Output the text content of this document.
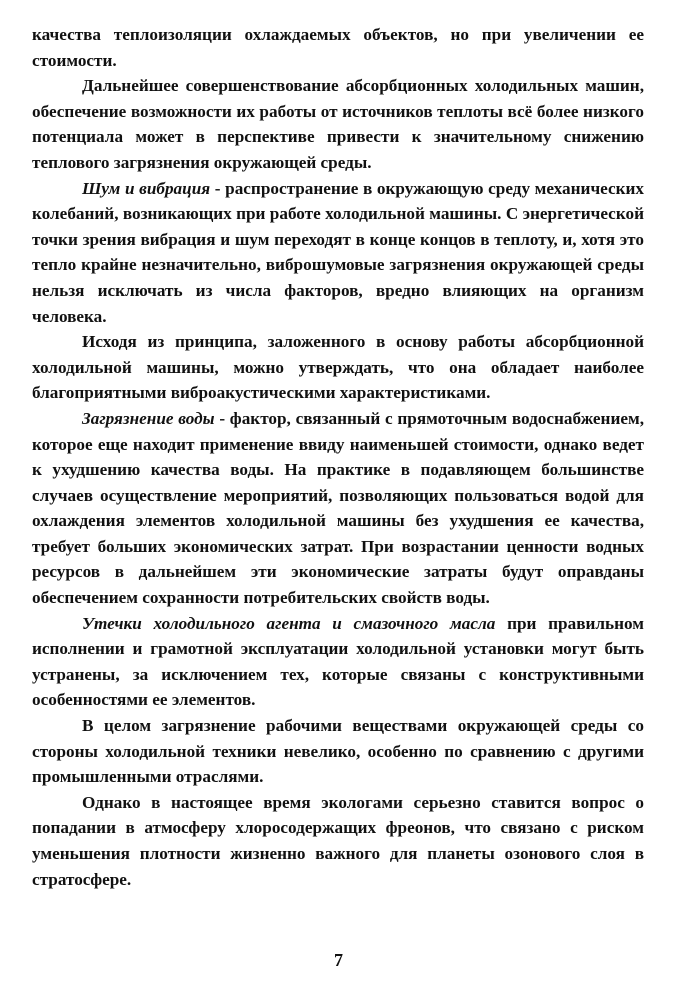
качества теплоизоляции охлаждаемых объектов, но при увеличении ее стоимости.

Дальнейшее совершенствование абсорбционных холодильных машин, обеспечение возможности их работы от источников теплоты всё более низкого потенциала может в перспективе привести к значительному снижению теплового загрязнения окружающей среды.

Шум и вибрация - распространение в окружающую среду механических колебаний, возникающих при работе холодильной машины. С энергетической точки зрения вибрация и шум переходят в конце концов в теплоту, и, хотя это тепло крайне незначительно, виброшумовые загрязнения окружающей среды нельзя исключать из числа факторов, вредно влияющих на организм человека.

Исходя из принципа, заложенного в основу работы абсорбционной холодильной машины, можно утверждать, что она обладает наиболее благоприятными виброакустическими характеристиками.

Загрязнение воды - фактор, связанный с прямоточным водоснабжением, которое еще находит применение ввиду наименьшей стоимости, однако ведет к ухудшению качества воды. На практике в подавляющем большинстве случаев осуществление мероприятий, позволяющих пользоваться водой для охлаждения элементов холодильной машины без ухудшения ее качества, требует больших экономических затрат. При возрастании ценности водных ресурсов в дальнейшем эти экономические затраты будут оправданы обеспечением сохранности потребительских свойств воды.

Утечки холодильного агента и смазочного масла при правильном исполнении и грамотной эксплуатации холодильной установки могут быть устранены, за исключением тех, которые связаны с конструктивными особенностями ее элементов.

В целом загрязнение рабочими веществами окружающей среды со стороны холодильной техники невелико, особенно по сравнению с другими промышленными отраслями.

Однако в настоящее время экологами серьезно ставится вопрос о попадании в атмосферу хлоросодержащих фреонов, что связано с риском уменьшения плотности жизненно важного для планеты озонового слоя в стратосфере.

7
